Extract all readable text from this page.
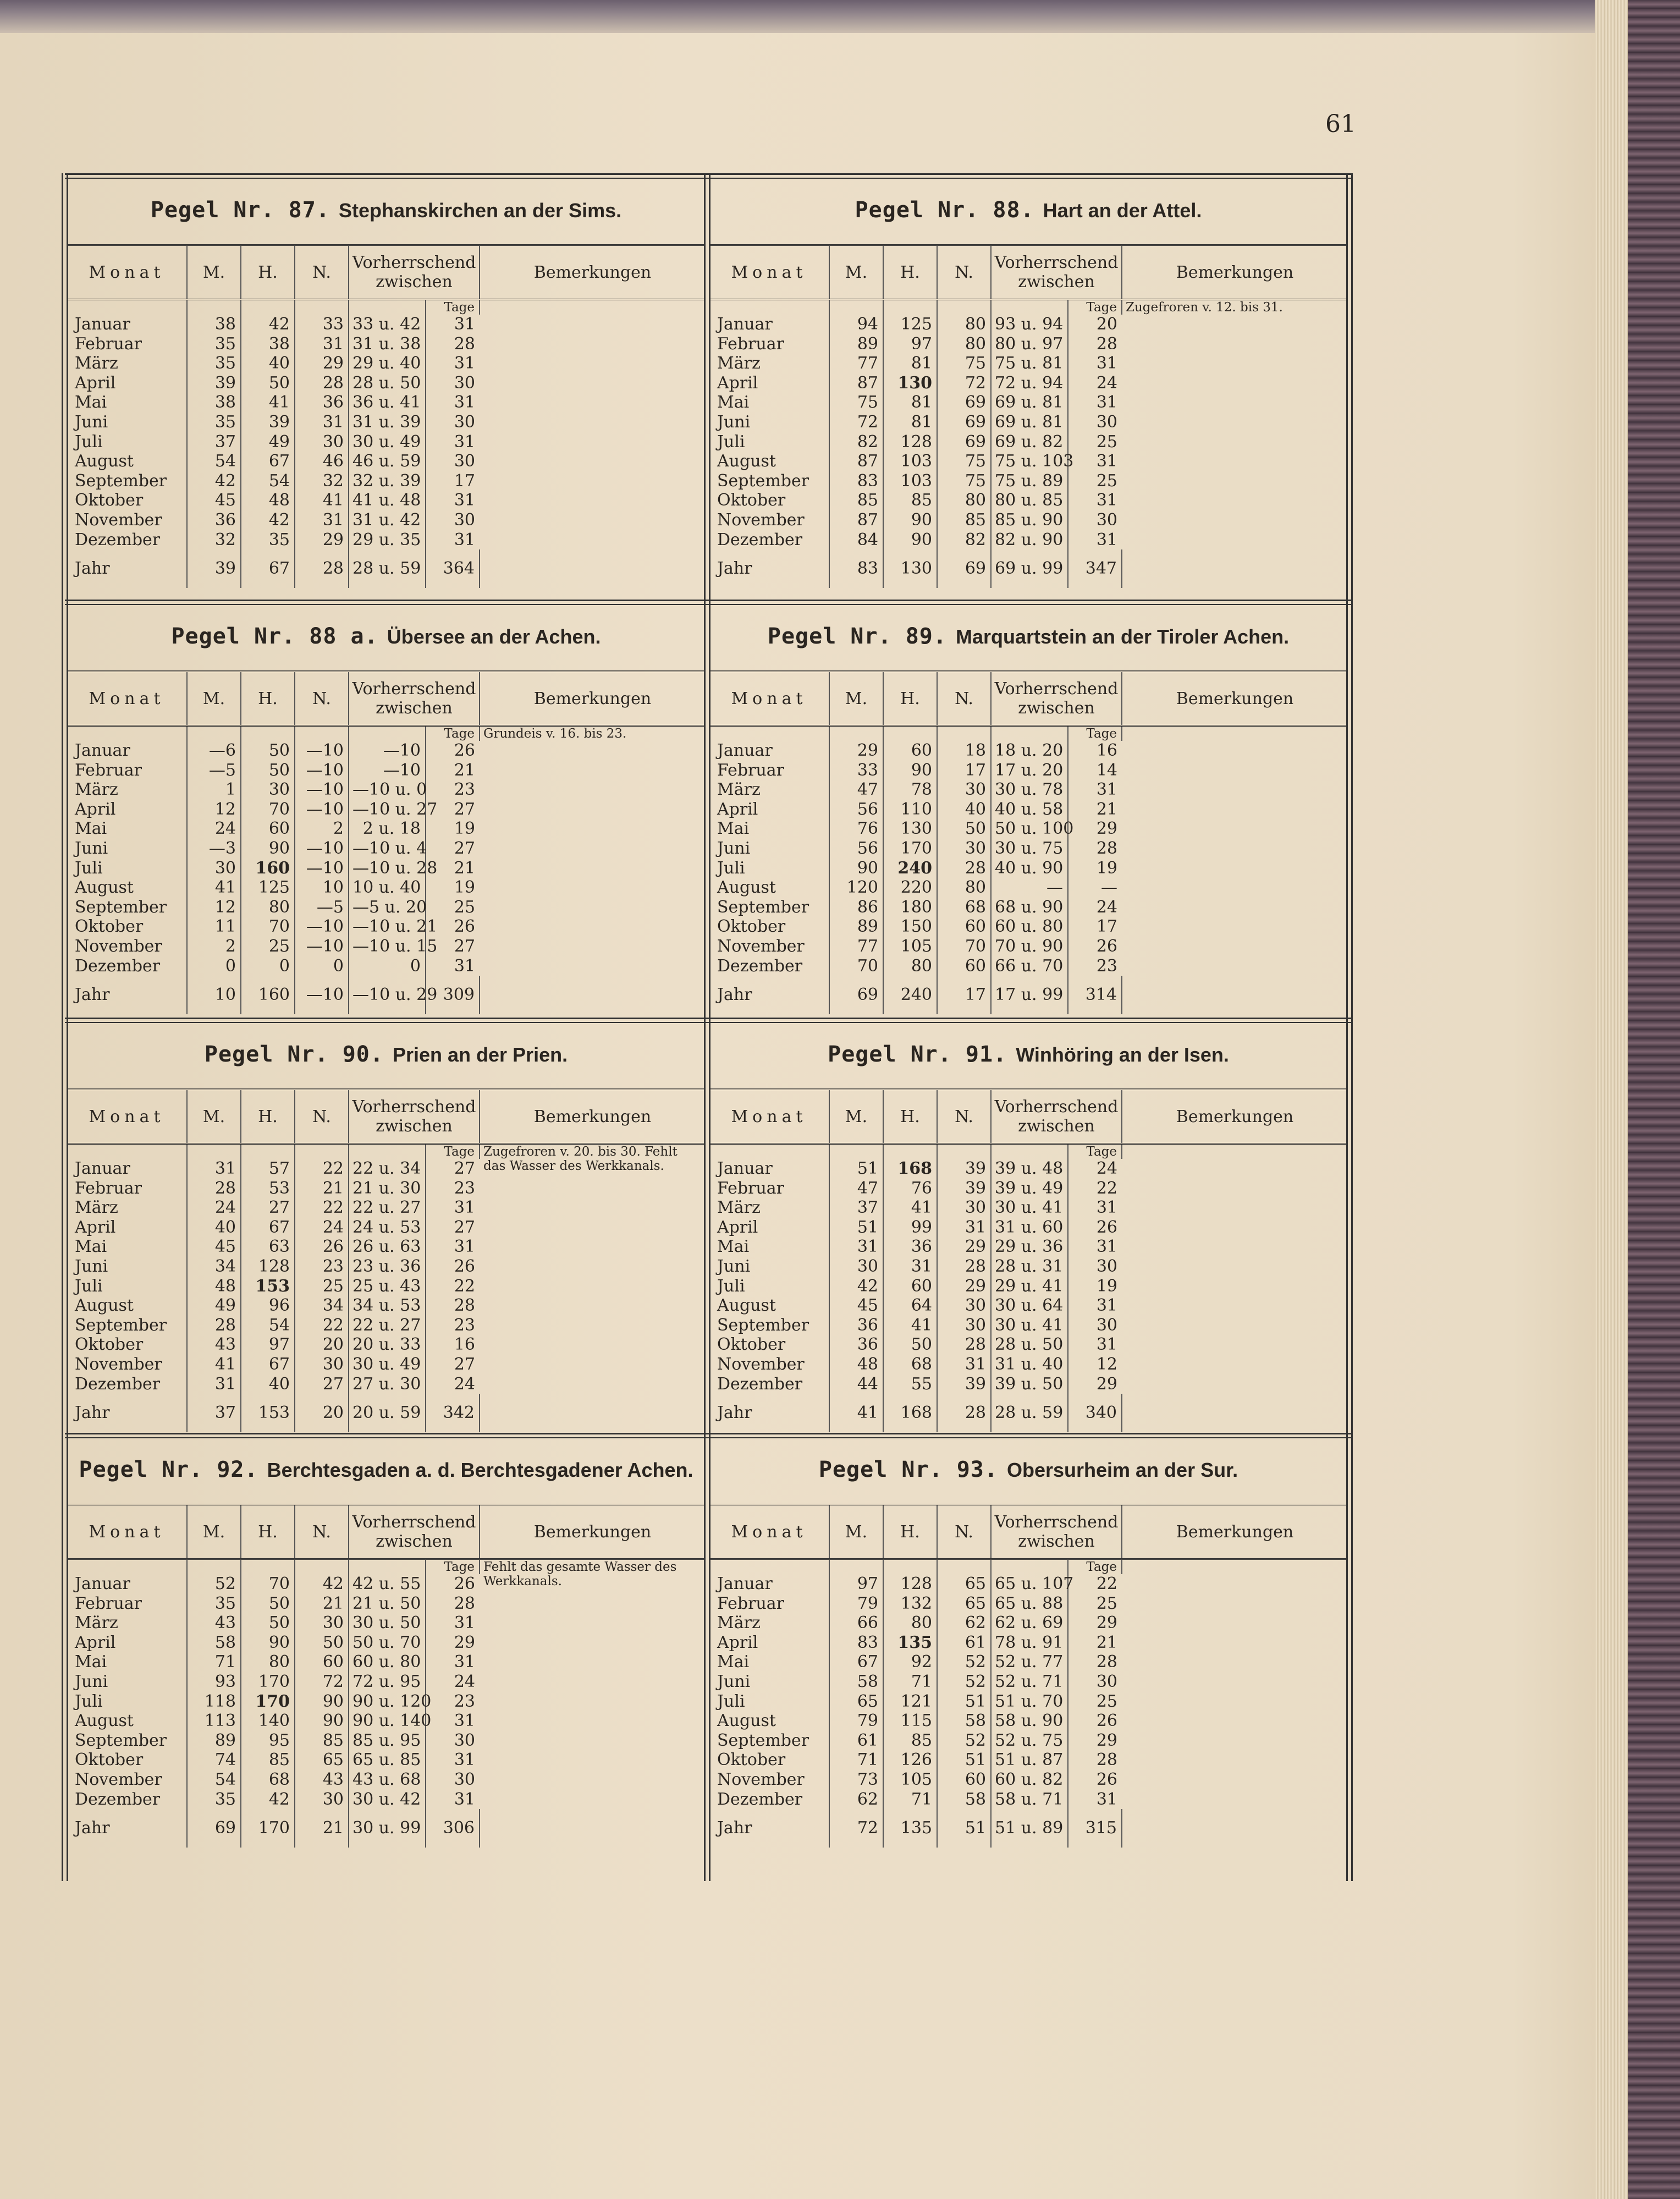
61
Pegel Nr. 87. Stephanskirchen an der Sims.
Monat	M.	H.	N.	Vorherrschend zwischen		Bemerkungen
					Tage	
Januar	38	42	33	33 u. 42	31	
Februar	35	38	31	31 u. 38	28	
März	35	40	29	29 u. 40	31	
April	39	50	28	28 u. 50	30	
Mai	38	41	36	36 u. 41	31	
Juni	35	39	31	31 u. 39	30	
Juli	37	49	30	30 u. 49	31	
August	54	67	46	46 u. 59	30	
September	42	54	32	32 u. 39	17	
Oktober	45	48	41	41 u. 48	31	
November	36	42	31	31 u. 42	30	
Dezember	32	35	29	29 u. 35	31	
Jahr	39	67	28	28 u. 59	364	
Pegel Nr. 88. Hart an der Attel.
Monat	M.	H.	N.	Vorherrschend zwischen		Bemerkungen
					Tage	Zugefroren v. 12. bis 31.
Januar	94	125	80	93 u. 94	20	
Februar	89	97	80	80 u. 97	28	
März	77	81	75	75 u. 81	31	
April	87	130	72	72 u. 94	24	
Mai	75	81	69	69 u. 81	31	
Juni	72	81	69	69 u. 81	30	
Juli	82	128	69	69 u. 82	25	
August	87	103	75	75 u. 103	31	
September	83	103	75	75 u. 89	25	
Oktober	85	85	80	80 u. 85	31	
November	87	90	85	85 u. 90	30	
Dezember	84	90	82	82 u. 90	31	
Jahr	83	130	69	69 u. 99	347	
Pegel Nr. 88 a. Übersee an der Achen.
Monat	M.	H.	N.	Vorherrschend zwischen		Bemerkungen
					Tage	Grundeis v. 16. bis 23.
Januar	—6	50	—10	—10	26	
Februar	—5	50	—10	—10	21	
März	1	30	—10	—10 u. 0	23	
April	12	70	—10	—10 u. 27	27	
Mai	24	60	2	2 u. 18	19	
Juni	—3	90	—10	—10 u. 4	27	
Juli	30	160	—10	—10 u. 28	21	
August	41	125	10	10 u. 40	19	
September	12	80	—5	—5 u. 20	25	
Oktober	11	70	—10	—10 u. 21	26	
November	2	25	—10	—10 u. 15	27	
Dezember	0	0	0	0	31	
Jahr	10	160	—10	—10 u. 29	309	
Pegel Nr. 89. Marquartstein an der Tiroler Achen.
Monat	M.	H.	N.	Vorherrschend zwischen		Bemerkungen
					Tage	
Januar	29	60	18	18 u. 20	16	
Februar	33	90	17	17 u. 20	14	
März	47	78	30	30 u. 78	31	
April	56	110	40	40 u. 58	21	
Mai	76	130	50	50 u. 100	29	
Juni	56	170	30	30 u. 75	28	
Juli	90	240	28	40 u. 90	19	
August	120	220	80	—	—	
September	86	180	68	68 u. 90	24	
Oktober	89	150	60	60 u. 80	17	
November	77	105	70	70 u. 90	26	
Dezember	70	80	60	66 u. 70	23	
Jahr	69	240	17	17 u. 99	314	
Pegel Nr. 90. Prien an der Prien.
Monat	M.	H.	N.	Vorherrschend zwischen		Bemerkungen
					Tage	Zugefroren v. 20. bis 30. Fehlt das Wasser des Werkkanals.
Januar	31	57	22	22 u. 34	27	
Februar	28	53	21	21 u. 30	23	
März	24	27	22	22 u. 27	31	
April	40	67	24	24 u. 53	27	
Mai	45	63	26	26 u. 63	31	
Juni	34	128	23	23 u. 36	26	
Juli	48	153	25	25 u. 43	22	
August	49	96	34	34 u. 53	28	
September	28	54	22	22 u. 27	23	
Oktober	43	97	20	20 u. 33	16	
November	41	67	30	30 u. 49	27	
Dezember	31	40	27	27 u. 30	24	
Jahr	37	153	20	20 u. 59	342	
Pegel Nr. 91. Winhöring an der Isen.
Monat	M.	H.	N.	Vorherrschend zwischen		Bemerkungen
					Tage	
Januar	51	168	39	39 u. 48	24	
Februar	47	76	39	39 u. 49	22	
März	37	41	30	30 u. 41	31	
April	51	99	31	31 u. 60	26	
Mai	31	36	29	29 u. 36	31	
Juni	30	31	28	28 u. 31	30	
Juli	42	60	29	29 u. 41	19	
August	45	64	30	30 u. 64	31	
September	36	41	30	30 u. 41	30	
Oktober	36	50	28	28 u. 50	31	
November	48	68	31	31 u. 40	12	
Dezember	44	55	39	39 u. 50	29	
Jahr	41	168	28	28 u. 59	340	
Pegel Nr. 92. Berchtesgaden a. d. Berchtesgadener Achen.
Monat	M.	H.	N.	Vorherrschend zwischen		Bemerkungen
					Tage	Fehlt das gesamte Wasser des Werkkanals.
Januar	52	70	42	42 u. 55	26	
Februar	35	50	21	21 u. 50	28	
März	43	50	30	30 u. 50	31	
April	58	90	50	50 u. 70	29	
Mai	71	80	60	60 u. 80	31	
Juni	93	170	72	72 u. 95	24	
Juli	118	170	90	90 u. 120	23	
August	113	140	90	90 u. 140	31	
September	89	95	85	85 u. 95	30	
Oktober	74	85	65	65 u. 85	31	
November	54	68	43	43 u. 68	30	
Dezember	35	42	30	30 u. 42	31	
Jahr	69	170	21	30 u. 99	306	
Pegel Nr. 93. Obersurheim an der Sur.
Monat	M.	H.	N.	Vorherrschend zwischen		Bemerkungen
					Tage	
Januar	97	128	65	65 u. 107	22	
Februar	79	132	65	65 u. 88	25	
März	66	80	62	62 u. 69	29	
April	83	135	61	78 u. 91	21	
Mai	67	92	52	52 u. 77	28	
Juni	58	71	52	52 u. 71	30	
Juli	65	121	51	51 u. 70	25	
August	79	115	58	58 u. 90	26	
September	61	85	52	52 u. 75	29	
Oktober	71	126	51	51 u. 87	28	
November	73	105	60	60 u. 82	26	
Dezember	62	71	58	58 u. 71	31	
Jahr	72	135	51	51 u. 89	315	
